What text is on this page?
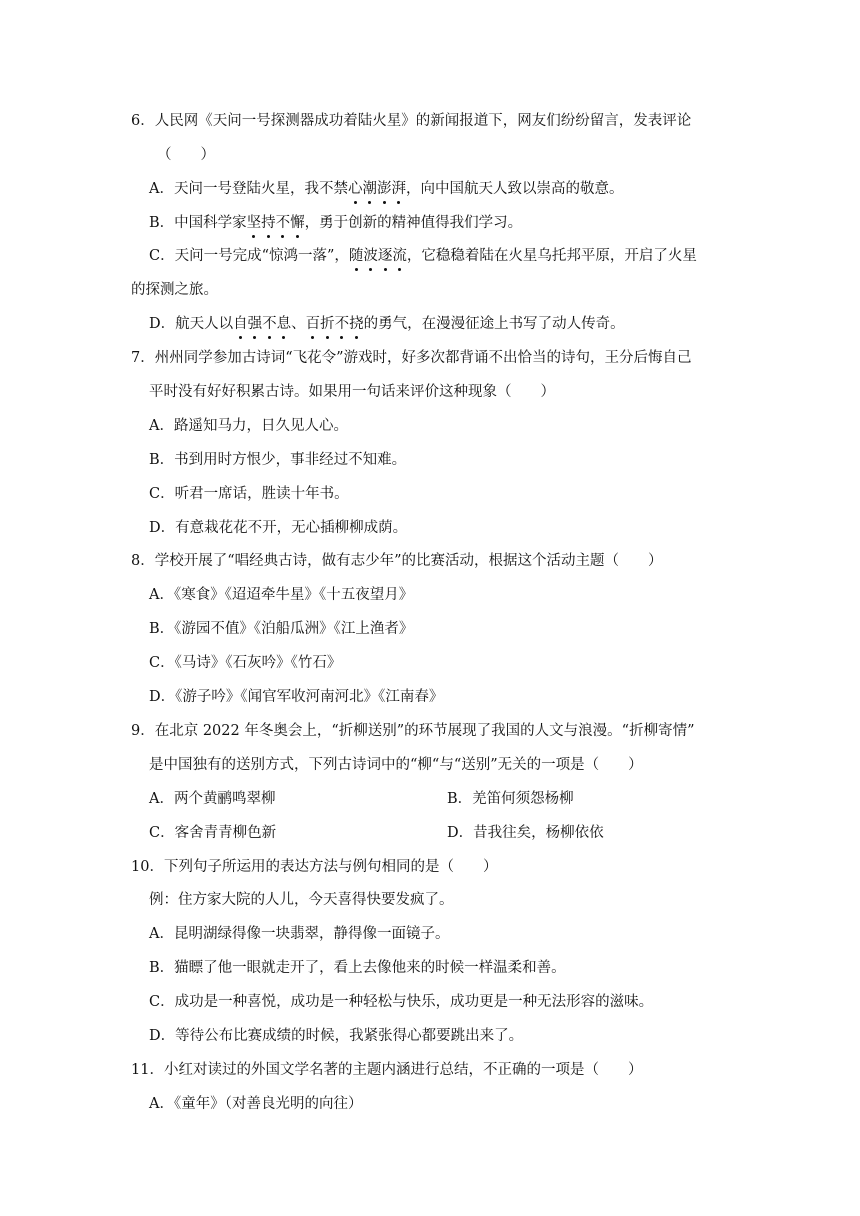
6．人民网《天问一号探测器成功着陆火星》的新闻报道下，网友们纷纷留言，发表评论
（　　）
A．天问一号登陆火星，我不禁心潮澎湃，向中国航天人致以崇高的敬意。
B．中国科学家坚持不懈，勇于创新的精神值得我们学习。
C．天问一号完成“惊鸿一落”，随波逐流，它稳稳着陆在火星乌托邦平原，开启了火星
的探测之旅。
D．航天人以自强不息、百折不挠的勇气，在漫漫征途上书写了动人传奇。
7．州州同学参加古诗词“飞花令”游戏时，好多次都背诵不出恰当的诗句，王分后悔自己
平时没有好好积累古诗。如果用一句话来评价这种现象（　　）
A．路遥知马力，日久见人心。
B．书到用时方恨少，事非经过不知难。
C．听君一席话，胜读十年书。
D．有意栽花花不开，无心插柳柳成荫。
8．学校开展了“唱经典古诗，做有志少年”的比赛活动，根据这个活动主题（　　）
A．《寒食》《迢迢牵牛星》《十五夜望月》
B．《游园不值》《泊船瓜洲》《江上渔者》
C．《马诗》《石灰吟》《竹石》
D．《游子吟》《闻官军收河南河北》《江南春》
9．在北京 2022 年冬奥会上，“折柳送别”的环节展现了我国的人文与浪漫。“折柳寄情”
是中国独有的送别方式，下列古诗词中的“柳“与“送别”无关的一项是（　　）
A．两个黄鹂鸣翠柳	B．羌笛何须怨杨柳
C．客舍青青柳色新	D．昔我往矣，杨柳依依
10．下列句子所运用的表达方法与例句相同的是（　　）
例：住方家大院的人儿，今天喜得快要发疯了。
A．昆明湖绿得像一块翡翠，静得像一面镜子。
B．猫瞟了他一眼就走开了，看上去像他来的时候一样温柔和善。
C．成功是一种喜悦，成功是一种轻松与快乐，成功更是一种无法形容的滋味。
D．等待公布比赛成绩的时候，我紧张得心都要跳出来了。
11．小红对读过的外国文学名著的主题内涵进行总结，不正确的一项是（　　）
A．《童年》（对善良光明的向往）
